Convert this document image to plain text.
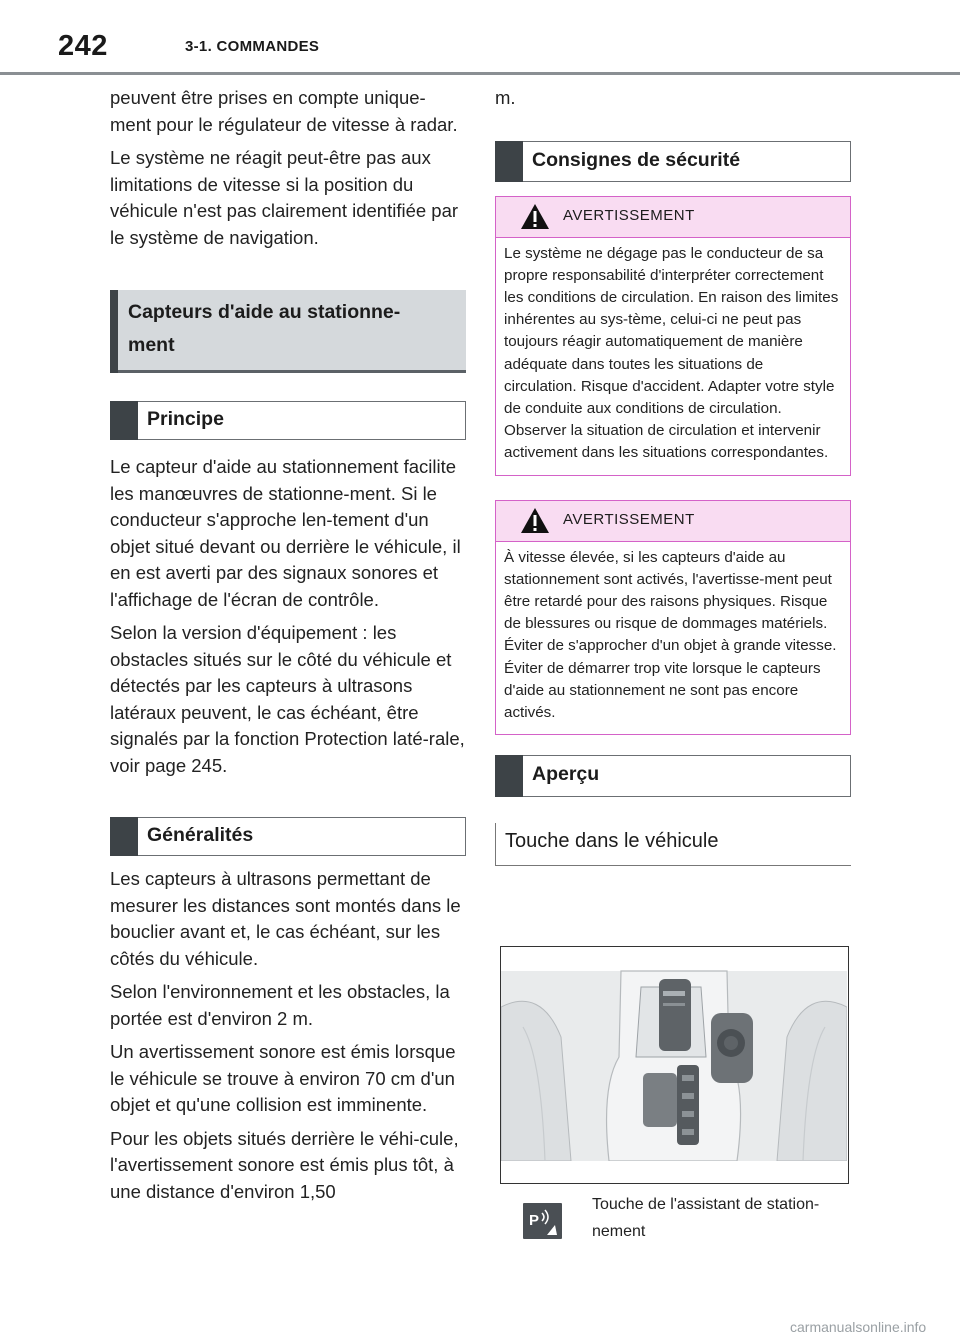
242	3-1. COMMANDES

peuvent être prises en compte unique-ment pour le régulateur de vitesse à radar.

Le système ne réagit peut-être pas aux limitations de vitesse si la position du véhicule n'est pas clairement identifiée par le système de navigation.

Capteurs d'aide au stationne-
ment
Principe

Le capteur d'aide au stationnement facilite les manœuvres de stationne-ment. Si le conducteur s'approche len-tement d'un objet situé devant ou derrière le véhicule, il en est averti par des signaux sonores et l'affichage de l'écran de contrôle.

Selon la version d'équipement : les obstacles situés sur le côté du véhicule et détectés par les capteurs à ultrasons latéraux peuvent, le cas échéant, être signalés par la fonction Protection laté-rale, voir page 245.

Généralités

Les capteurs à ultrasons permettant de mesurer les distances sont montés dans le bouclier avant et, le cas échéant, sur les côtés du véhicule.

Selon l'environnement et les obstacles, la portée est d'environ 2 m.

Un avertissement sonore est émis lorsque le véhicule se trouve à environ 70 cm d'un objet et qu'une collision est imminente.

Pour les objets situés derrière le véhi-cule, l'avertissement sonore est émis plus tôt, à une distance d'environ 1,50

m.

Consignes de sécurité
AVERTISSEMENT
Le système ne dégage pas le conducteur de sa propre responsabilité d'interpréter correctement les conditions de circulation. En raison des limites inhérentes au sys-tème, celui-ci ne peut pas toujours réagir automatiquement de manière adéquate dans toutes les situations de circulation. Risque d'accident. Adapter votre style de conduite aux conditions de circulation. Observer la situation de circulation et intervenir activement dans les situations correspondantes.
AVERTISSEMENT
À vitesse élevée, si les capteurs d'aide au stationnement sont activés, l'avertisse-ment peut être retardé pour des raisons physiques. Risque de blessures ou risque de dommages matériels. Éviter de s'approcher d'un objet à grande vitesse. Éviter de démarrer trop vite lorsque le capteurs d'aide au stationnement ne sont pas encore activés.
Aperçu
Touche dans le véhicule
P
Touche de l'assistant de station-nement
carmanualsonline.info
